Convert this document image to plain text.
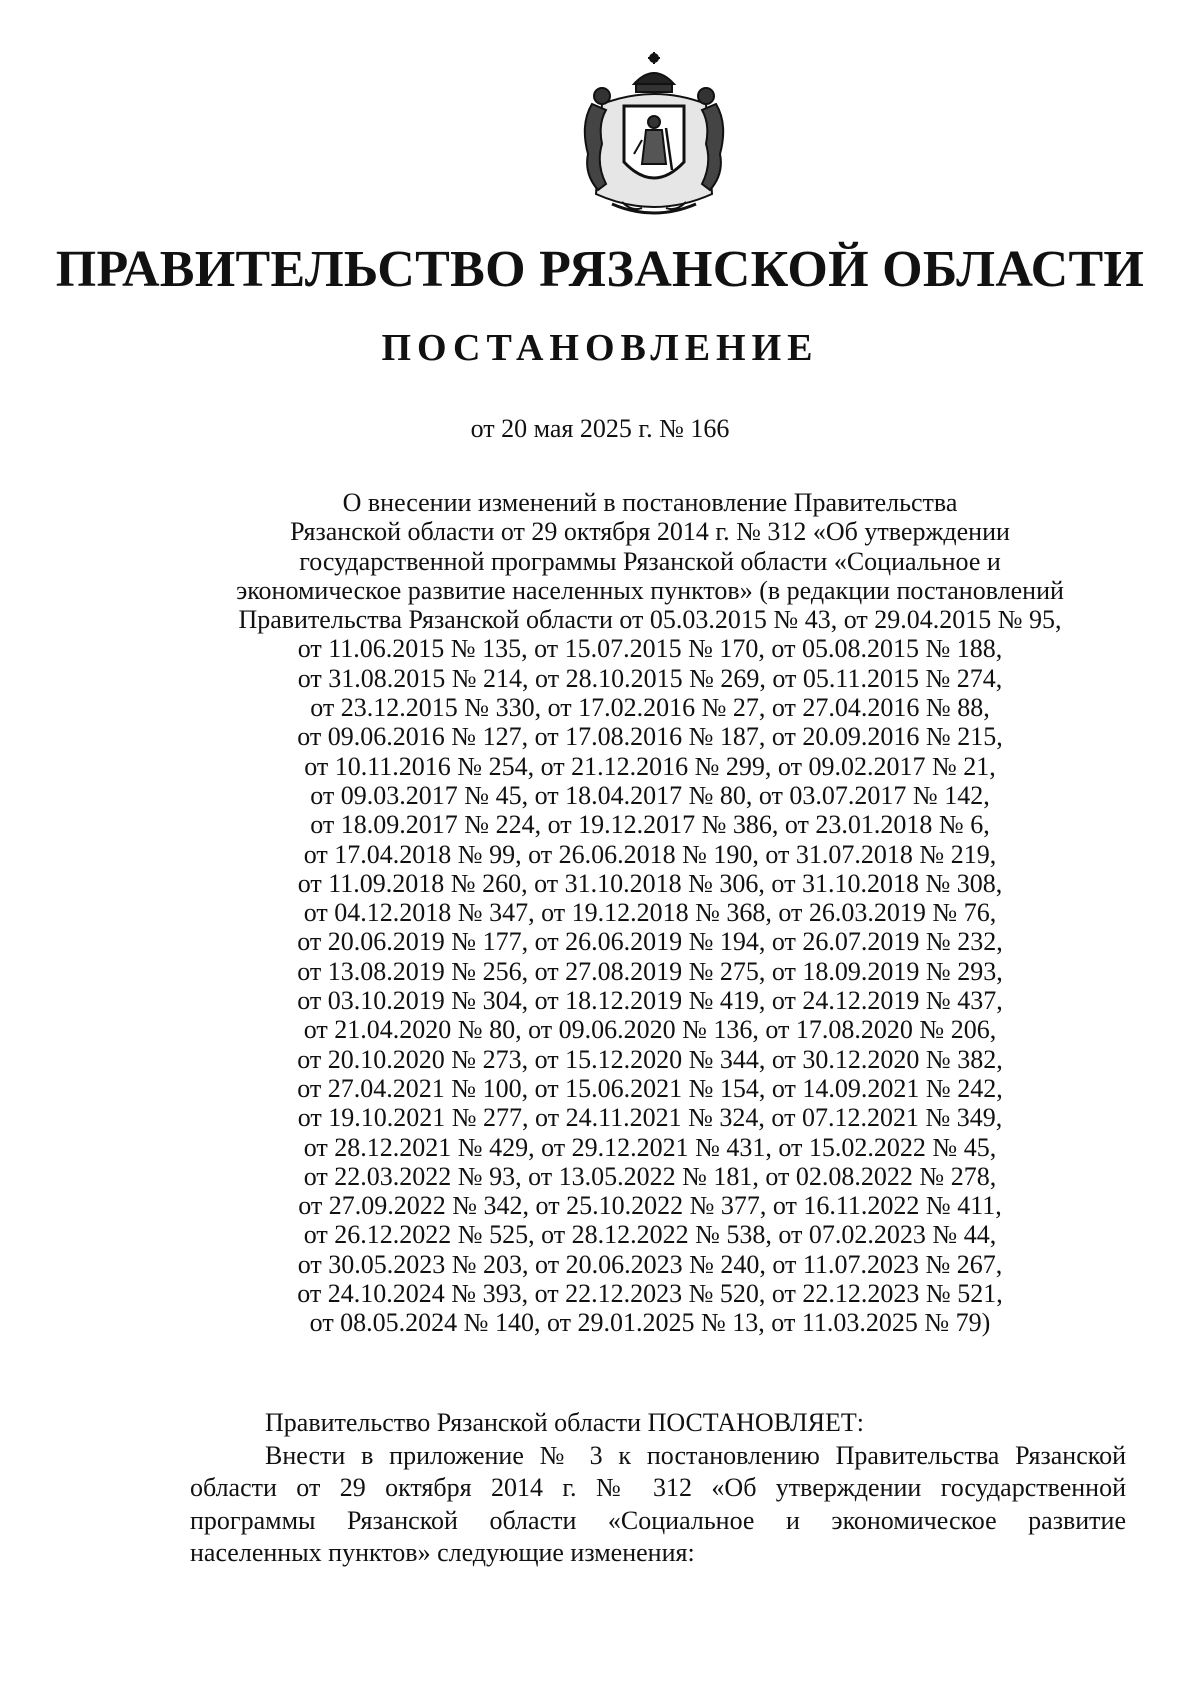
ПРАВИТЕЛЬСТВО РЯЗАНСКОЙ ОБЛАСТИ
ПОСТАНОВЛЕНИЕ
от 20 мая 2025 г. № 166
О внесении изменений в постановление Правительства
Рязанской области от 29 октября 2014 г. № 312 «Об утверждении
государственной программы Рязанской области «Социальное и
экономическое развитие населенных пунктов» (в редакции постановлений
Правительства Рязанской области от 05.03.2015 № 43, от 29.04.2015 № 95,
от 11.06.2015 № 135, от 15.07.2015 № 170, от 05.08.2015 № 188,
от 31.08.2015 № 214, от 28.10.2015 № 269, от 05.11.2015 № 274,
от 23.12.2015 № 330, от 17.02.2016 № 27, от 27.04.2016 № 88,
от 09.06.2016 № 127, от 17.08.2016 № 187, от 20.09.2016 № 215,
от 10.11.2016 № 254, от 21.12.2016 № 299, от 09.02.2017 № 21,
от 09.03.2017 № 45, от 18.04.2017 № 80, от 03.07.2017 № 142,
от 18.09.2017 № 224, от 19.12.2017 № 386, от 23.01.2018 № 6,
от 17.04.2018 № 99, от 26.06.2018 № 190, от 31.07.2018 № 219,
от 11.09.2018 № 260, от 31.10.2018 № 306, от 31.10.2018 № 308,
от 04.12.2018 № 347, от 19.12.2018 № 368, от 26.03.2019 № 76,
от 20.06.2019 № 177, от 26.06.2019 № 194, от 26.07.2019 № 232,
от 13.08.2019 № 256, от 27.08.2019 № 275, от 18.09.2019 № 293,
от 03.10.2019 № 304, от 18.12.2019 № 419, от 24.12.2019 № 437,
от 21.04.2020 № 80, от 09.06.2020 № 136, от 17.08.2020 № 206,
от 20.10.2020 № 273, от 15.12.2020 № 344, от 30.12.2020 № 382,
от 27.04.2021 № 100, от 15.06.2021 № 154, от 14.09.2021 № 242,
от 19.10.2021 № 277, от 24.11.2021 № 324, от 07.12.2021 № 349,
от 28.12.2021 № 429, от 29.12.2021 № 431, от 15.02.2022 № 45,
от 22.03.2022 № 93, от 13.05.2022 № 181, от 02.08.2022 № 278,
от 27.09.2022 № 342, от 25.10.2022 № 377, от 16.11.2022 № 411,
от 26.12.2022 № 525, от 28.12.2022 № 538, от 07.02.2023 № 44,
от 30.05.2023 № 203, от 20.06.2023 № 240, от 11.07.2023 № 267,
от 24.10.2024 № 393, от 22.12.2023 № 520, от 22.12.2023 № 521,
от 08.05.2024 № 140, от 29.01.2025 № 13, от 11.03.2025 № 79)
Правительство Рязанской области ПОСТАНОВЛЯЕТ:
Внести в приложение № 3 к постановлению Правительства Рязанской
области от 29 октября 2014 г. № 312 «Об утверждении государственной
программы Рязанской области «Социальное и экономическое развитие
населенных пунктов» следующие изменения:
